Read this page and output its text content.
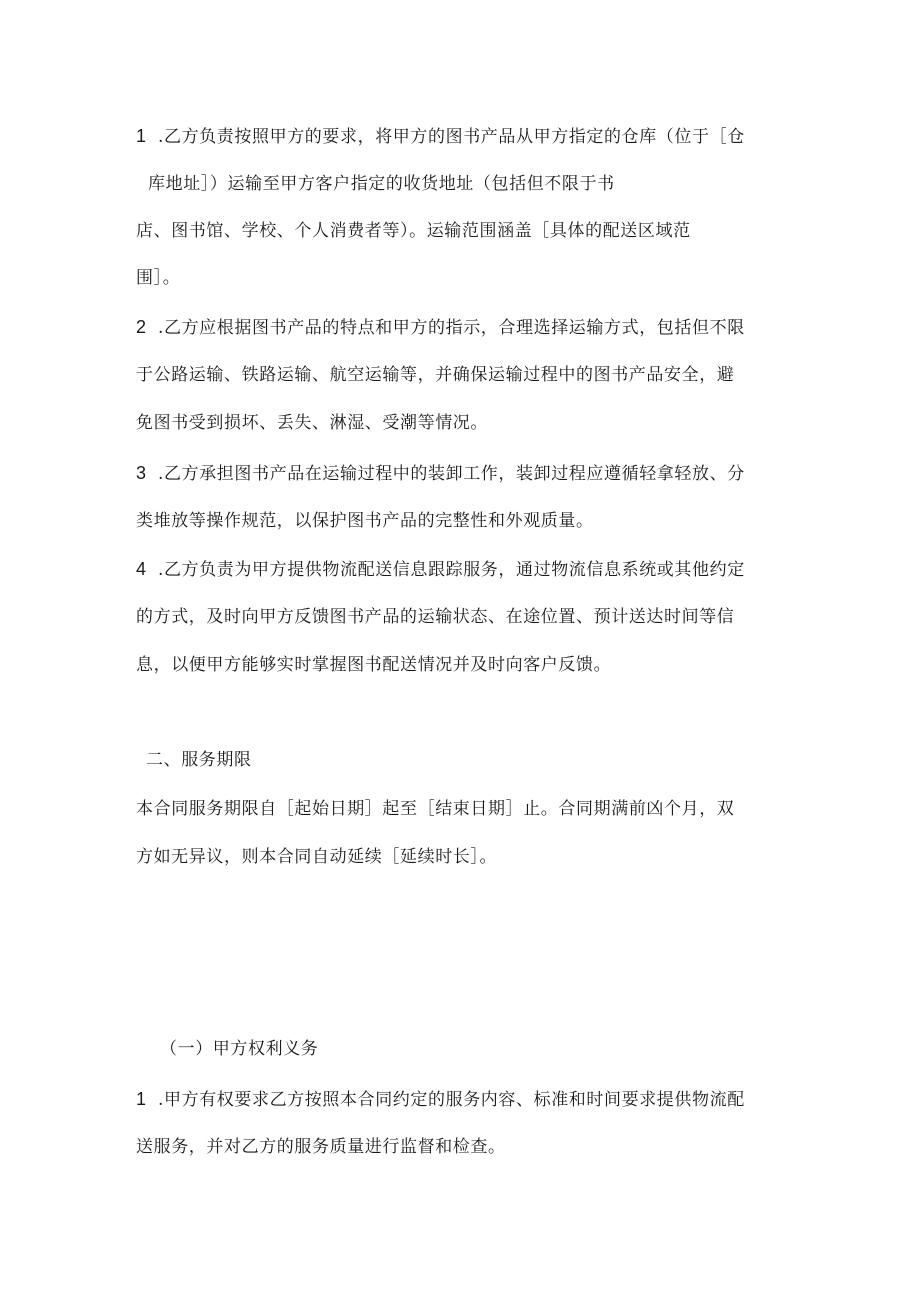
1 .乙方负责按照甲方的要求，将甲方的图书产品从甲方指定的仓库（位于［仓
库地址］）运输至甲方客户指定的收货地址（包括但不限于书
店、图书馆、学校、个人消费者等）。运输范围涵盖［具体的配送区域范
围］。
2 .乙方应根据图书产品的特点和甲方的指示，合理选择运输方式，包括但不限
于公路运输、铁路运输、航空运输等，并确保运输过程中的图书产品安全，避
免图书受到损坏、丢失、淋湿、受潮等情况。
3 .乙方承担图书产品在运输过程中的装卸工作，装卸过程应遵循轻拿轻放、分
类堆放等操作规范，以保护图书产品的完整性和外观质量。
4 .乙方负责为甲方提供物流配送信息跟踪服务，通过物流信息系统或其他约定
的方式，及时向甲方反馈图书产品的运输状态、在途位置、预计送达时间等信
息，以便甲方能够实时掌握图书配送情况并及时向客户反馈。
二、服务期限
本合同服务期限自［起始日期］起至［结束日期］止。合同期满前凶个月，双
方如无异议，则本合同自动延续［延续时长］。
（一）甲方权利义务
1 .甲方有权要求乙方按照本合同约定的服务内容、标准和时间要求提供物流配
送服务，并对乙方的服务质量进行监督和检查。
